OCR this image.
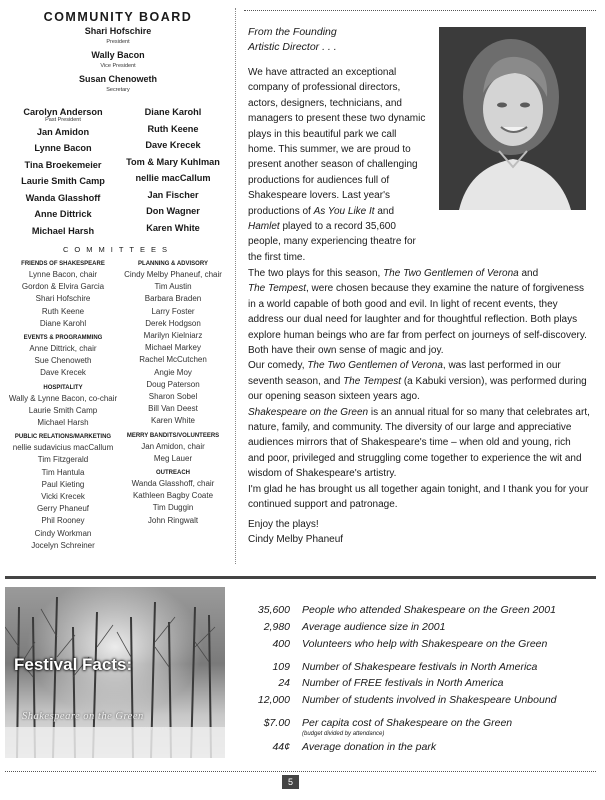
COMMUNITY BOARD
Shari Hofschire
President
Wally Bacon
Vice President
Susan Chenoweth
Secretary
Carolyn Anderson
Past President
Jan Amidon
Lynne Bacon
Tina Broekemeier
Laurie Smith Camp
Wanda Glasshoff
Anne Dittrick
Michael Harsh
Diane Karohl
Ruth Keene
Dave Krecek
Tom & Mary Kuhlman
nellie macCallum
Jan Fischer
Don Wagner
Karen White
COMMITTEES
FRIENDS OF SHAKESPEARE
Lynne Bacon, chair
Gordon & Elvira Garcia
Shari Hofschire
Ruth Keene
Diane Karohl
EVENTS & PROGRAMMING
Anne Dittrick, chair
Sue Chenoweth
Dave Krecek
HOSPITALITY
Wally & Lynne Bacon, co-chair
Laurie Smith Camp
Michael Harsh
PUBLIC RELATIONS/MARKETING
nellie sudavicius macCallum
Tim Fitzgerald
Tim Hantula
Paul Kieting
Vicki Krecek
Gerry Phaneuf
Phil Rooney
Cindy Workman
Jocelyn Schreiner
PLANNING & ADVISORY
Cindy Melby Phaneuf, chair
Tim Austin
Barbara Braden
Larry Foster
Derek Hodgson
Marilyn Kielniarz
Michael Markey
Rachel McCutchen
Angie Moy
Doug Paterson
Sharon Sobel
Bill Van Deest
Karen White
MERRY BANDITS/VOLUNTEERS
Jan Amidon, chair
Meg Lauer
OUTREACH
Wanda Glasshoff, chair
Kathleen Bagby Coate
Tim Duggin
John Ringwalt
From the Founding
Artistic Director . . .

We have attracted an exceptional
company of professional directors,
actors, designers, technicians, and
managers to present these two dynamic
plays in this beautiful park we call
home. This summer, we are proud to
present another season of challenging
productions for audiences full of
Shakespeare lovers. Last year's
productions of As You Like It and
Hamlet played to a record 35,600
people, many experiencing theatre for
the first time.

The two plays for this season, The Two Gentlemen of Verona and
The Tempest, were chosen because they examine the nature of forgiveness in a world capable of both good and evil. In light of recent events, they address our dual need for laughter and for thoughtful reflection. Both plays explore human beings who are far from perfect on journeys of self-discovery. Both have their own sense of magic and joy.
Our comedy, The Two Gentlemen of Verona, was last performed in our seventh season, and The Tempest (a Kabuki version), was performed during our opening season sixteen years ago.
Shakespeare on the Green is an annual ritual for so many that celebrates art, nature, family, and community. The diversity of our large and appreciative audiences mirrors that of Shakespeare's time – when old and young, rich and poor, privileged and struggling come together to experience the wit and wisdom of Shakespeare's artistry.
I'm glad he has brought us all together again tonight, and I thank you for your continued support and patronage.
Enjoy the plays!
Cindy Melby Phaneuf
Festival Facts:
Shakespeare on the Green
CONTINUES
35,600 People who attended Shakespeare on the Green 2001
2,980 Average audience size in 2001
400 Volunteers who help with Shakespeare on the Green
109 Number of Shakespeare festivals in North America
24 Number of FREE festivals in North America
12,000 Number of students involved in Shakespeare Unbound
$7.00 Per capita cost of Shakespeare on the Green
(budget divided by attendance)
44¢ Average donation in the park
5
